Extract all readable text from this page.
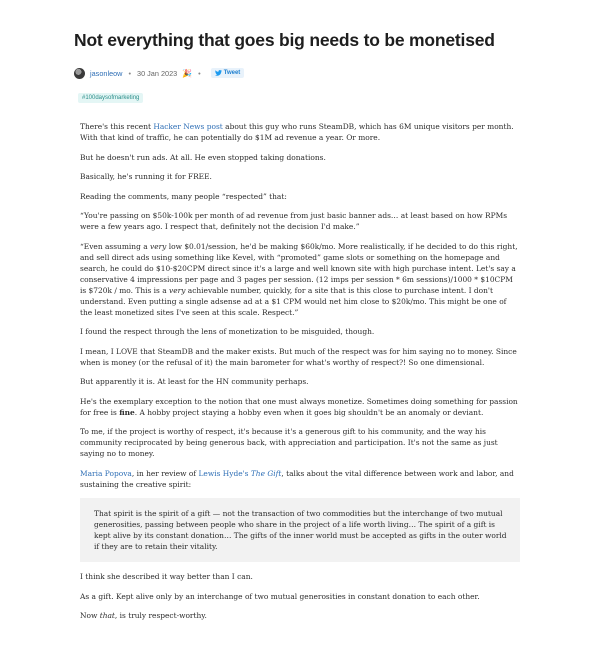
Not everything that goes big needs to be monetised
jasonleow • 30 Jan 2023 🎉 •	Tweet
#100daysofmarketing

There's this recent Hacker News post about this guy who runs SteamDB, which has 6M unique visitors per month. With that kind of traffic, he can potentially do $1M ad revenue a year. Or more.

But he doesn't run ads. At all. He even stopped taking donations.

Basically, he's running it for FREE.

Reading the comments, many people “respected” that:

“You're passing on $50k-100k per month of ad revenue from just basic banner ads… at least based on how RPMs were a few years ago. I respect that, definitely not the decision I'd make.”

“Even assuming a very low $0.01/session, he'd be making $60k/mo. More realistically, if he decided to do this right, and sell direct ads using something like Kevel, with “promoted” game slots or something on the homepage and search, he could do $10-$20CPM direct since it's a large and well known site with high purchase intent. Let's say a conservative 4 impressions per page and 3 pages per session. (12 imps per session * 6m sessions)/1000 * $10CPM is $720k / mo. This is a very achievable number, quickly, for a site that is this close to purchase intent. I don't understand. Even putting a single adsense ad at a $1 CPM would net him close to $20k/mo. This might be one of the least monetized sites I've seen at this scale. Respect.”

I found the respect through the lens of monetization to be misguided, though.

I mean, I LOVE that SteamDB and the maker exists. But much of the respect was for him saying no to money. Since when is money (or the refusal of it) the main barometer for what's worthy of respect?! So one dimensional.

But apparently it is. At least for the HN community perhaps.

He's the exemplary exception to the notion that one must always monetize. Sometimes doing something for passion for free is fine. A hobby project staying a hobby even when it goes big shouldn't be an anomaly or deviant.

To me, if the project is worthy of respect, it's because it's a generous gift to his community, and the way his community reciprocated by being generous back, with appreciation and participation. It's not the same as just saying no to money.

Maria Popova, in her review of Lewis Hyde's The Gift, talks about the vital difference between work and labor, and sustaining the creative spirit:

That spirit is the spirit of a gift — not the transaction of two commodities but the interchange of two mutual generosities, passing between people who share in the project of a life worth living… The spirit of a gift is kept alive by its constant donation… The gifts of the inner world must be accepted as gifts in the outer world if they are to retain their vitality.

I think she described it way better than I can.

As a gift. Kept alive only by an interchange of two mutual generosities in constant donation to each other.

Now that, is truly respect-worthy.
